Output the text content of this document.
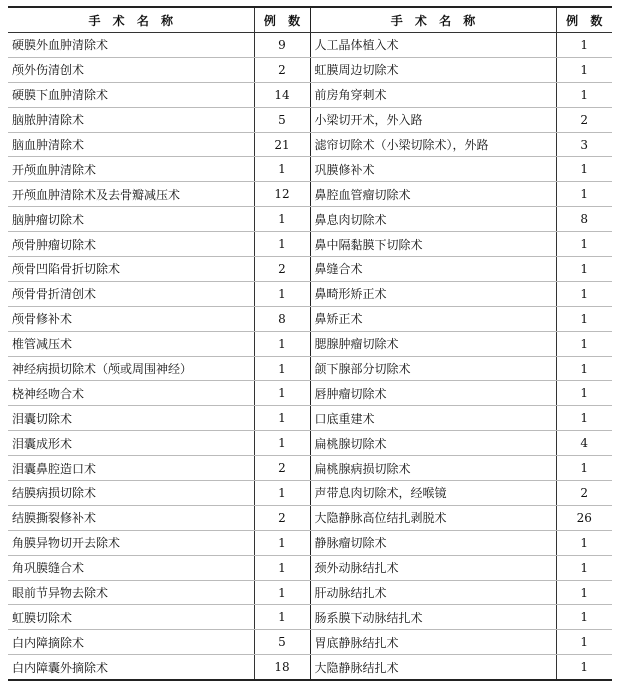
手 术 名 称	例 数	手 术 名 称	例 数
硬膜外血肿清除术	9	人工晶体植入术	1
颅外伤清创术	2	虹膜周边切除术	1
硬膜下血肿清除术	14	前房角穿刺术	1
脑脓肿清除术	5	小梁切开术，外入路	2
脑血肿清除术	21	滤帘切除术（小梁切除术），外路	3
开颅血肿清除术	1	巩膜修补术	1
开颅血肿清除术及去骨瓣减压术	12	鼻腔血管瘤切除术	1
脑肿瘤切除术	1	鼻息肉切除术	8
颅骨肿瘤切除术	1	鼻中隔黏膜下切除术	1
颅骨凹陷骨折切除术	2	鼻缝合术	1
颅骨骨折清创术	1	鼻畸形矫正术	1
颅骨修补术	8	鼻矫正术	1
椎管减压术	1	腮腺肿瘤切除术	1
神经病损切除术（颅或周围神经）	1	颌下腺部分切除术	1
桡神经吻合术	1	唇肿瘤切除术	1
泪囊切除术	1	口底重建术	1
泪囊成形术	1	扁桃腺切除术	4
泪囊鼻腔造口术	2	扁桃腺病损切除术	1
结膜病损切除术	1	声带息肉切除术，经喉镜	2
结膜撕裂修补术	2	大隐静脉高位结扎剥脱术	26
角膜异物切开去除术	1	静脉瘤切除术	1
角巩膜缝合术	1	颈外动脉结扎术	1
眼前节异物去除术	1	肝动脉结扎术	1
虹膜切除术	1	肠系膜下动脉结扎术	1
白内障摘除术	5	胃底静脉结扎术	1
白内障囊外摘除术	18	大隐静脉结扎术	1
